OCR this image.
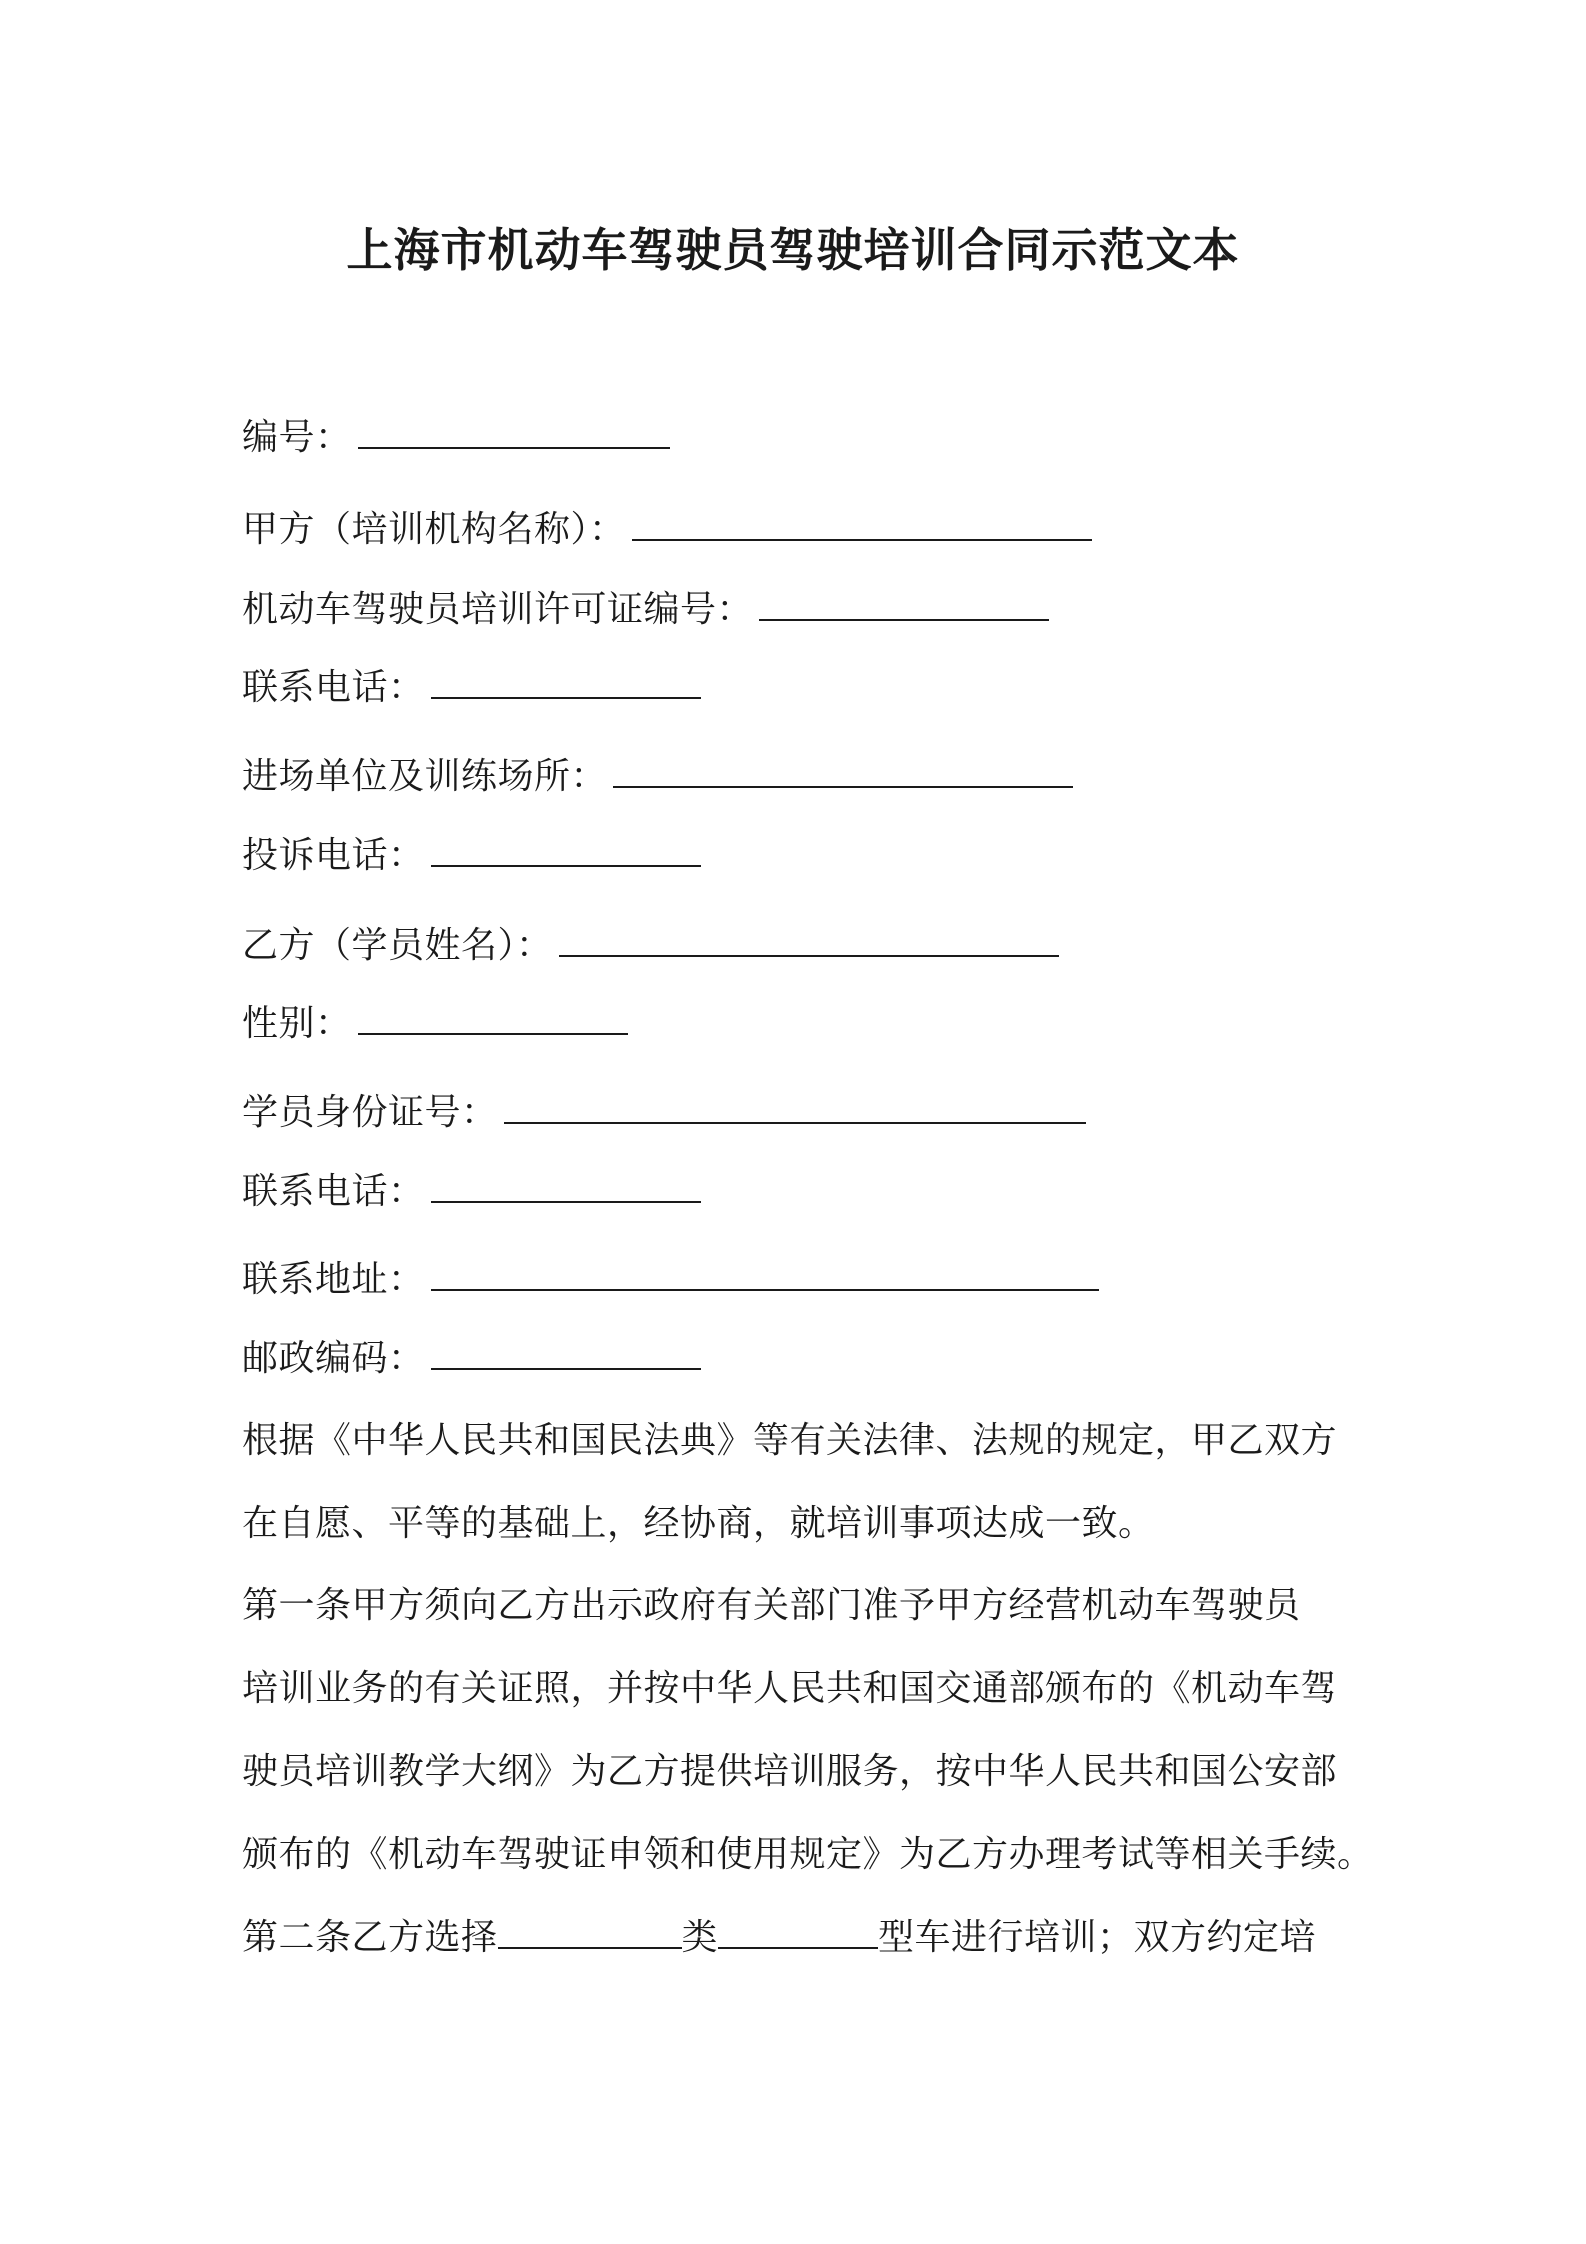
上海市机动车驾驶员驾驶培训合同示范文本
编号：
甲方（培训机构名称）：
机动车驾驶员培训许可证编号：
联系电话：
进场单位及训练场所：
投诉电话：
乙方（学员姓名）：
性别：
学员身份证号：
联系电话：
联系地址：
邮政编码：
根据《中华人民共和国民法典》等有关法律、法规的规定，甲乙双方
在自愿、平等的基础上，经协商，就培训事项达成一致。
第一条甲方须向乙方出示政府有关部门准予甲方经营机动车驾驶员
培训业务的有关证照，并按中华人民共和国交通部颁布的《机动车驾
驶员培训教学大纲》为乙方提供培训服务，按中华人民共和国公安部
颁布的《机动车驾驶证申领和使用规定》为乙方办理考试等相关手续。
第二条乙方选择	类	型车进行培训；双方约定培
